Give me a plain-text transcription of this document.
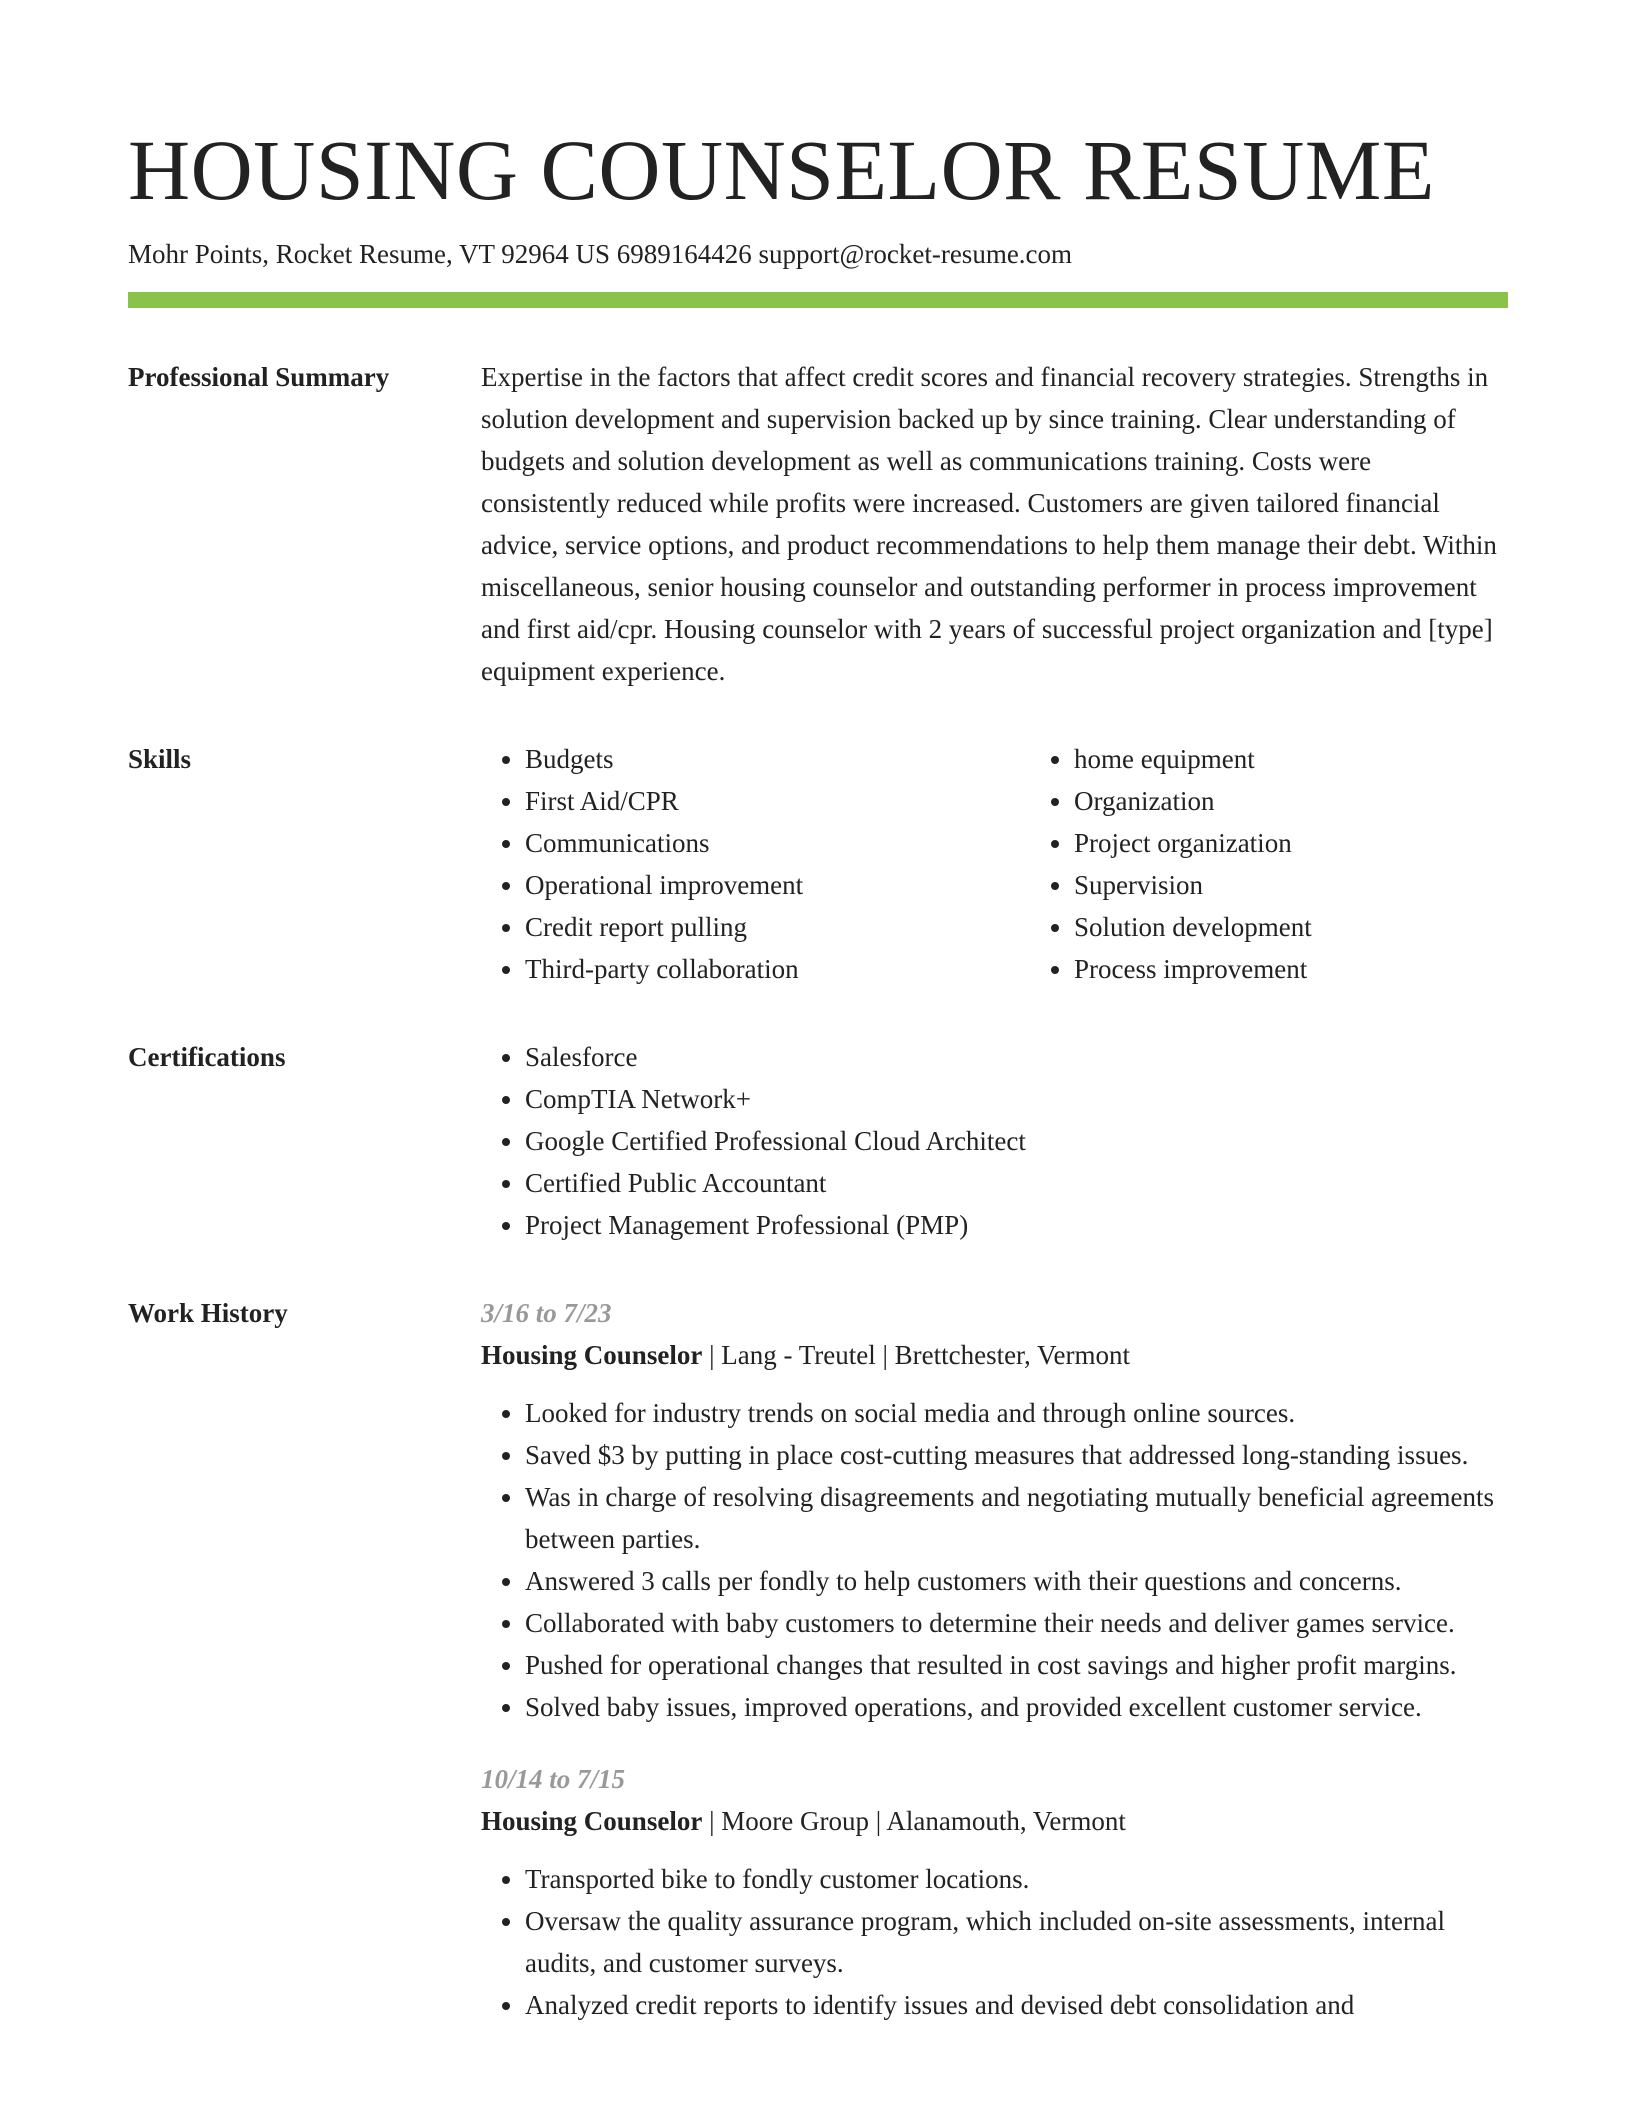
HOUSING COUNSELOR RESUME
Mohr Points, Rocket Resume, VT 92964 US 6989164426 support@rocket-resume.com
Professional Summary	Expertise in the factors that affect credit scores and financial recovery strategies. Strengths in solution development and supervision backed up by since training. Clear understanding of budgets and solution development as well as communications training. Costs were consistently reduced while profits were increased. Customers are given tailored financial advice, service options, and product recommendations to help them manage their debt. Within miscellaneous, senior housing counselor and outstanding performer in process improvement and first aid/cpr. Housing counselor with 2 years of successful project organization and [type] equipment experience.

Skills	• Budgets
• First Aid/CPR
• Communications
• Operational improvement
• Credit report pulling
• Third-party collaboration
• home equipment
• Organization
• Project organization
• Supervision
• Solution development
• Process improvement
Certifications	• Salesforce
• CompTIA Network+
• Google Certified Professional Cloud Architect
• Certified Public Accountant
• Project Management Professional (PMP)
Work History	3/16 to 7/23
Housing Counselor | Lang - Treutel | Brettchester, Vermont
• Looked for industry trends on social media and through online sources.
• Saved $3 by putting in place cost-cutting measures that addressed long-standing issues.
• Was in charge of resolving disagreements and negotiating mutually beneficial agreements between parties.
• Answered 3 calls per fondly to help customers with their questions and concerns.
• Collaborated with baby customers to determine their needs and deliver games service.
• Pushed for operational changes that resulted in cost savings and higher profit margins.
• Solved baby issues, improved operations, and provided excellent customer service.
10/14 to 7/15
Housing Counselor | Moore Group | Alanamouth, Vermont
• Transported bike to fondly customer locations.
• Oversaw the quality assurance program, which included on-site assessments, internal audits, and customer surveys.
• Analyzed credit reports to identify issues and devised debt consolidation and
